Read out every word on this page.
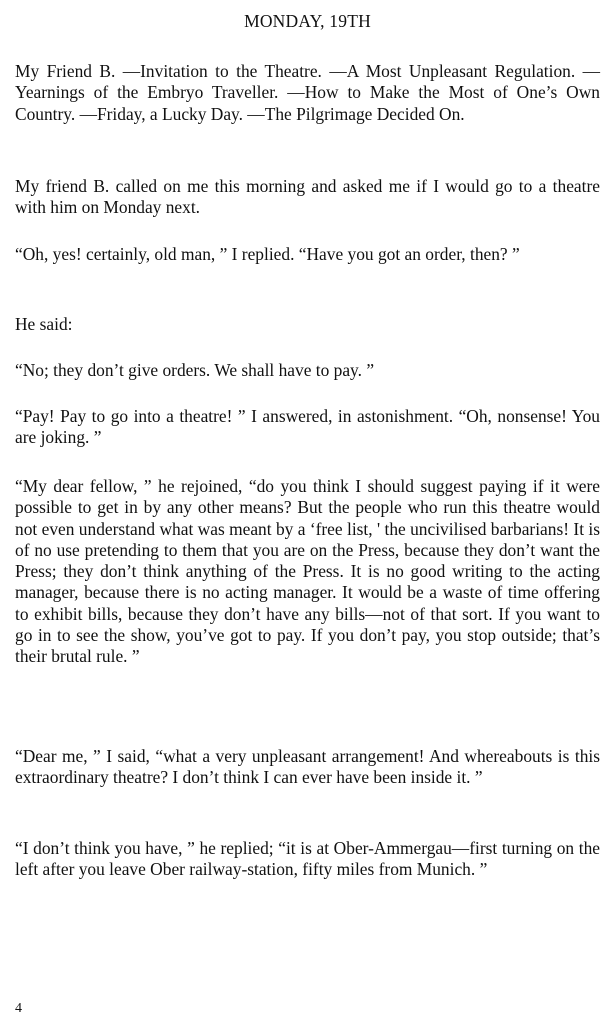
MONDAY, 19TH

My Friend B. —Invitation to the Theatre. —A Most Unpleasant Regulation. —Yearnings of the Embryo Traveller. —How to Make the Most of One’s Own Country. —Friday, a Lucky Day. —The Pilgrimage Decided On.

My friend B. called on me this morning and asked me if I would go to a theatre with him on Monday next.

“Oh, yes! certainly, old man, ” I replied. “Have you got an order, then? ”

He said:

“No; they don’t give orders. We shall have to pay. ”

“Pay! Pay to go into a theatre! ” I answered, in astonishment. “Oh, nonsense! You are joking. ”

“My dear fellow, ” he rejoined, “do you think I should suggest paying if it were possible to get in by any other means? But the people who run this theatre would not even understand what was meant by a ‘free list, ' the uncivilised barbarians! It is of no use pretending to them that you are on the Press, because they don’t want the Press; they don’t think anything of the Press. It is no good writing to the acting manager, because there is no acting manager. It would be a waste of time offering to exhibit bills, because they don’t have any bills—not of that sort. If you want to go in to see the show, you’ve got to pay. If you don’t pay, you stop outside; that’s their brutal rule. ”

“Dear me, ” I said, “what a very unpleasant arrangement! And whereabouts is this extraordinary theatre? I don’t think I can ever have been inside it. ”

“I don’t think you have, ” he replied; “it is at Ober-Ammergau—first turning on the left after you leave Ober railway-station, fifty miles from Munich. ”

4
